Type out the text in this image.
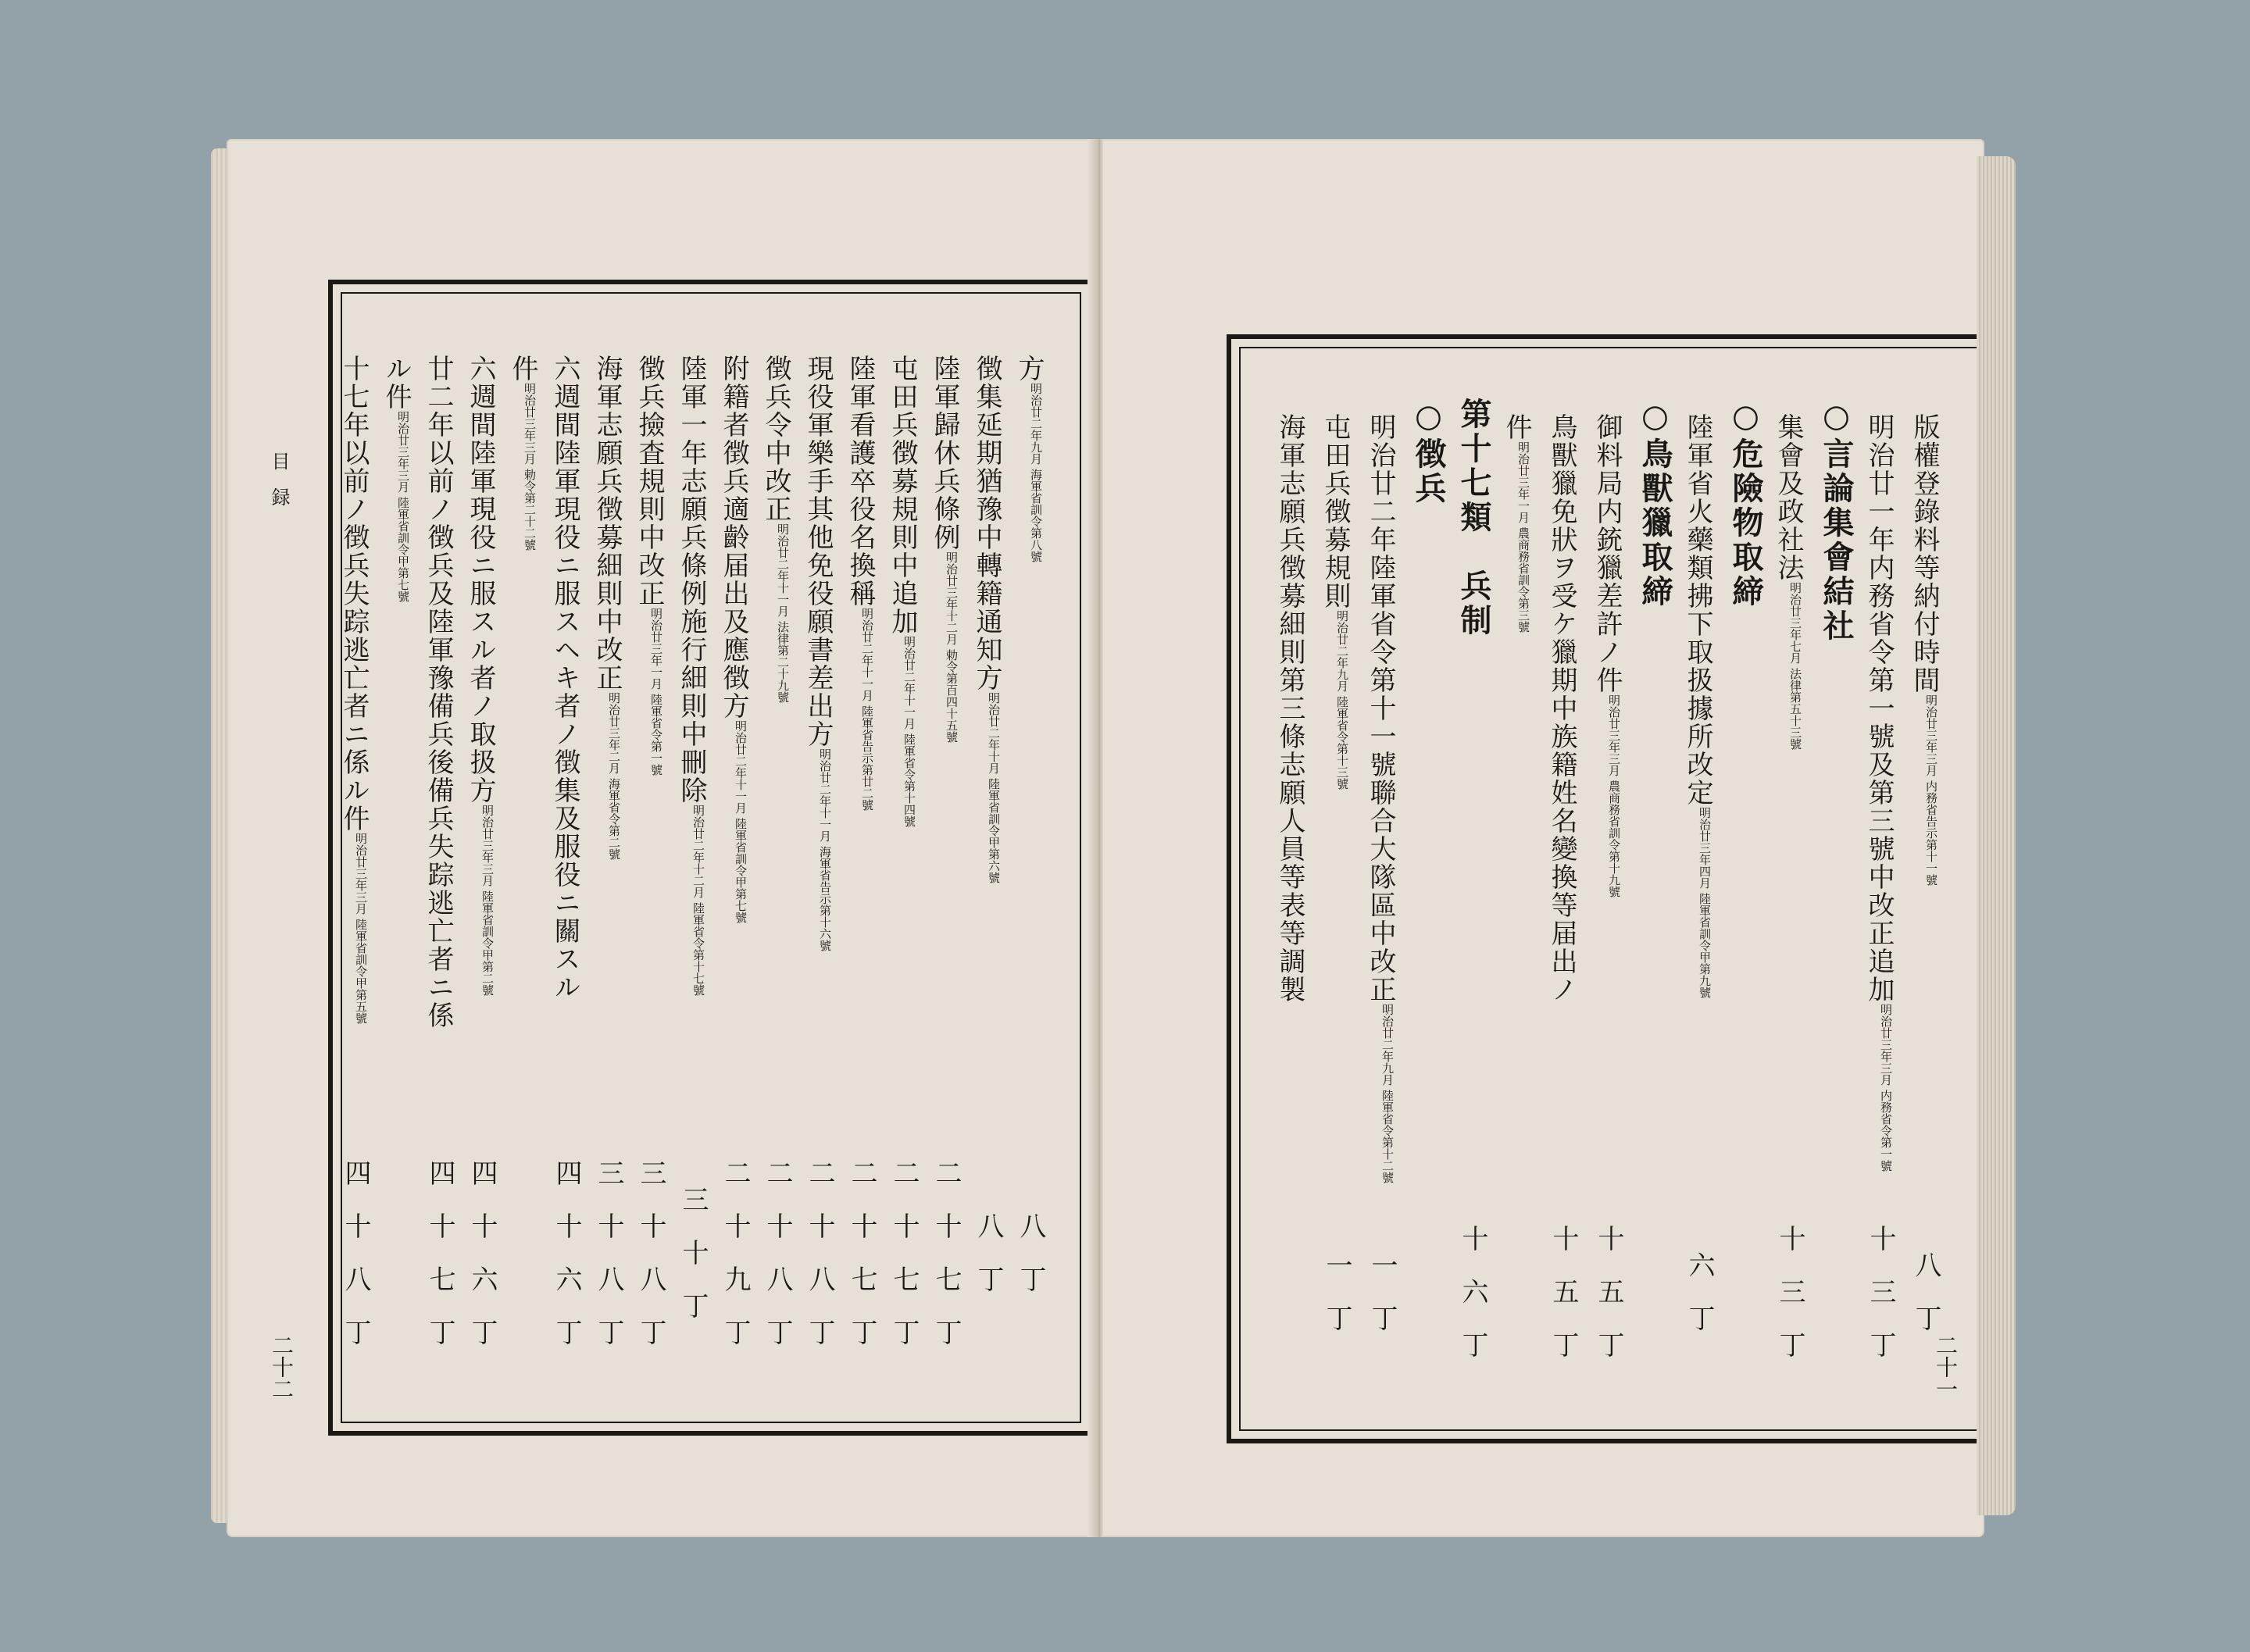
目録
二十二
方明治廿二年九月 海軍省訓令第八號
八丁
徴集延期猶豫中轉籍通知方明治廿二年十月 陸軍省訓令甲第六號
八丁
陸軍歸休兵條例明治廿三年十二月 勅令第百四十五號
二十七丁
屯田兵徴募規則中追加明治廿二年十一月 陸軍省令第十四號
二十七丁
陸軍看護卒役名換稱明治廿二年十一月 陸軍省告示第廿二號
二十七丁
現役軍樂手其他免役願書差出方明治廿二年十一月 海軍省告示第十六號
二十八丁
徴兵令中改正明治廿二年十一月 法律第二十九號
二十八丁
附籍者徴兵適齡届出及應徴方明治廿二年十一月 陸軍省訓令甲第七號
二十九丁
陸軍一年志願兵條例施行細則中刪除明治廿二年十二月 陸軍省令第十七號
三十丁
徴兵撿査規則中改正明治廿三年一月 陸軍省令第一號
三十八丁
海軍志願兵徴募細則中改正明治廿三年二月 海軍省令第二號
三十八丁
六週間陸軍現役ニ服スヘキ者ノ徴集及服役ニ關スル
四十六丁
件明治廿三年三月 勅令第二十二號
六週間陸軍現役ニ服スル者ノ取扱方明治廿三年三月 陸軍省訓令甲第二號
四十六丁
廿二年以前ノ徴兵及陸軍豫備兵後備兵失踪逃亡者ニ係
四十七丁
ル件明治廿三年三月 陸軍省訓令甲第七號
十七年以前ノ徴兵失踪逃亡者ニ係ル件明治廿三年三月 陸軍省訓令甲第五號
四十八丁	二十一
版權登錄料等納付時間明治廿三年三月 内務省告示第十一號
八丁
明治廿一年内務省令第一號及第三號中改正追加明治廿三年三月 内務省令第一號
十三丁
○言論集會結社
集會及政社法明治廿三年七月 法律第五十三號
十三丁
○危險物取締
陸軍省火藥類拂下取扱據所改定明治廿三年四月 陸軍省訓令甲第九號
六丁
○鳥獸獵取締
御料局内銃獵差許ノ件明治廿三年三月 農商務省訓令第十九號
十五丁
鳥獸獵免狀ヲ受ケ獵期中族籍姓名變換等届出ノ
十五丁
件明治廿三年一月 農商務省訓令第三號
第十七類　兵制
十六丁
○徴兵
明治廿二年陸軍省令第十一號聯合大隊區中改正明治廿二年九月 陸軍省令第十二號
一丁
屯田兵徴募規則明治廿二年九月 陸軍省令第十三號
一丁
海軍志願兵徴募細則第三條志願人員等表等調製
